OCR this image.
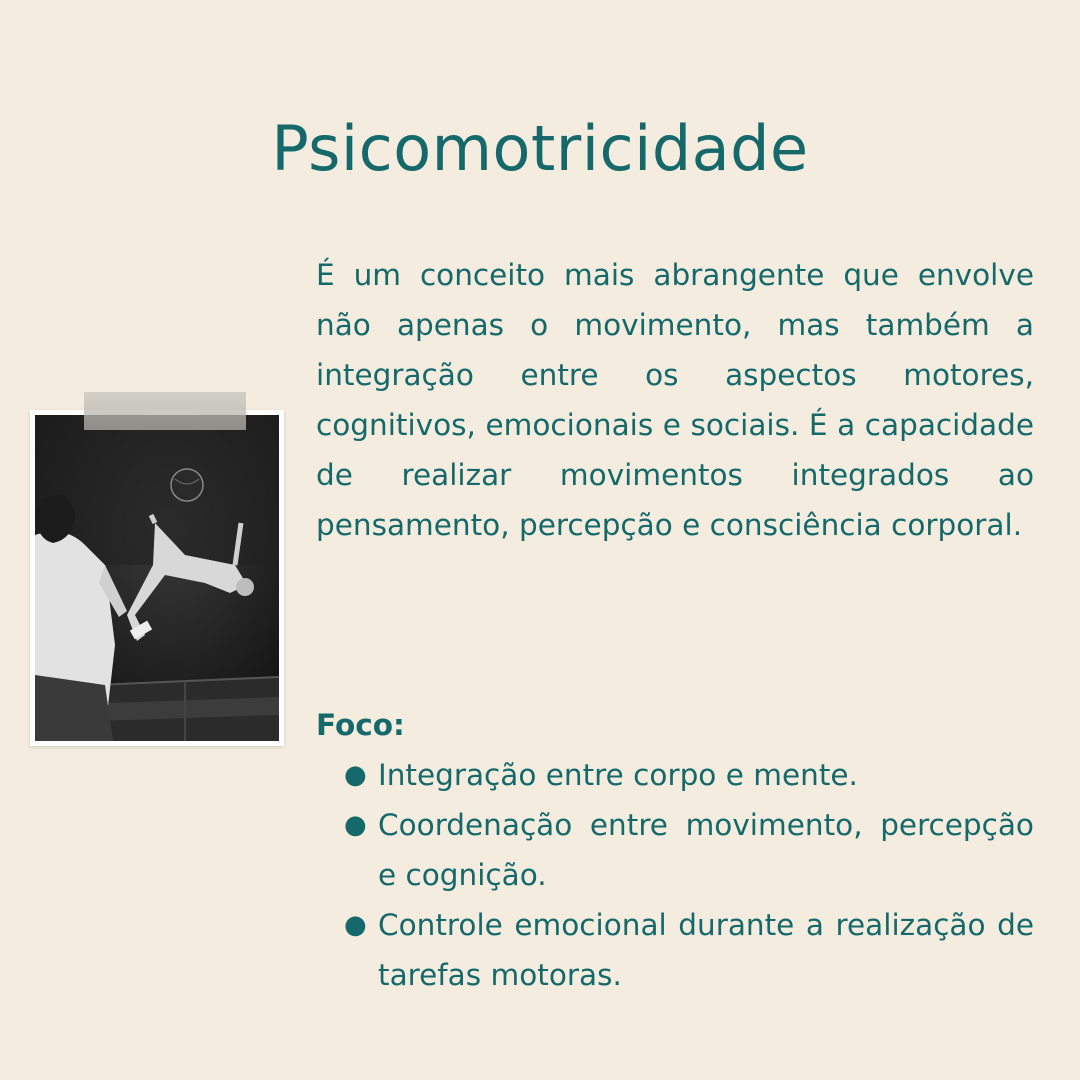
Psicomotricidade

É um conceito mais abrangente que envolve não apenas o movimento, mas também a integração entre os aspectos motores, cognitivos, emocionais e sociais. É a capacidade de realizar movimentos integrados ao pensamento, percepção e consciência corporal.

Foco:

● Integração entre corpo e mente.
● Coordenação entre movimento, percepção e cognição.
● Controle emocional durante a realização de tarefas motoras.
